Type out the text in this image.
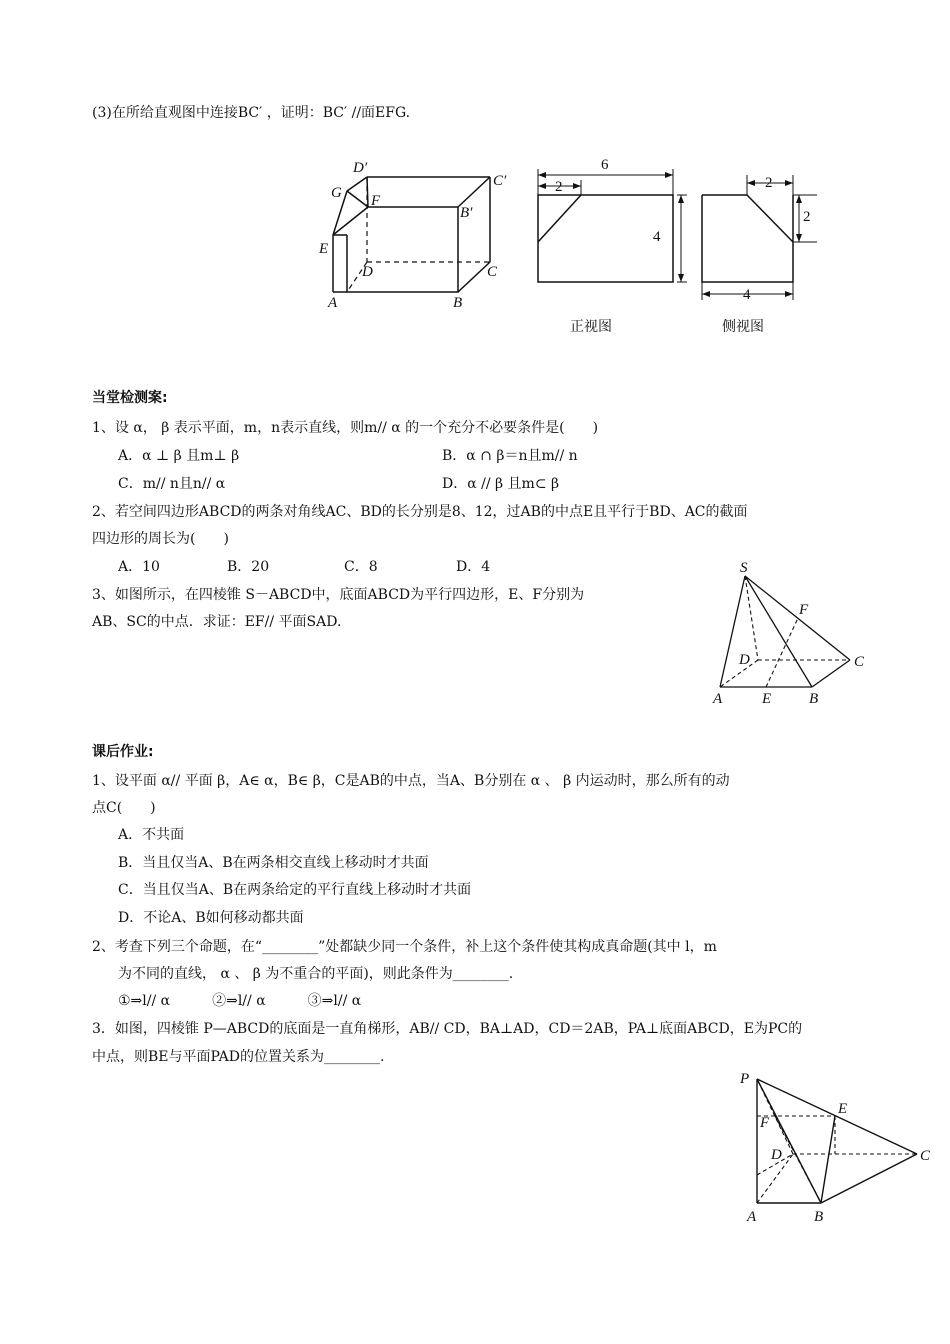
(3)在所给直观图中连接BC′ ，证明：BC′ //面EFG.
D′
C′
G F
B′
E
D	C
A	B
6
2
4
2
2
4
正视图	侧视图
当堂检测案:
1、设 α， β 表示平面，m，n表示直线，则m// α 的一个充分不必要条件是(　　)
A．α ⊥ β 且m⊥ β	B．α ∩ β＝n且m// n
C．m// n且n// α	D．α // β 且m⊂ β
2、若空间四边形ABCD的两条对角线AC、BD的长分别是8、12，过AB的中点E且平行于BD、AC的截面
四边形的周长为(　　)
A．10	B．20	C．8	D．4
3、如图所示，在四棱锥 S－ABCD中，底面ABCD为平行四边形，E、F分别为
AB、SC的中点．求证：EF// 平面SAD.
S
F
D	C
A	E	B
课后作业:
1、设平面 α// 平面 β，A∈ α，B∈ β，C是AB的中点，当A、B分别在 α 、 β 内运动时，那么所有的动
点C(　　)
A．不共面
B．当且仅当A、B在两条相交直线上移动时才共面
C．当且仅当A、B在两条给定的平行直线上移动时才共面
D．不论A、B如何移动都共面
2、考查下列三个命题，在“________”处都缺少同一个条件，补上这个条件使其构成真命题(其中 l，m
为不同的直线， α 、 β 为不重合的平面)，则此条件为________.
①⇒l// α　　　②⇒l// α　　　③⇒l// α
3．如图，四棱锥 P—ABCD的底面是一直角梯形，AB// CD，BA⊥AD，CD＝2AB，PA⊥底面ABCD，E为PC的
中点，则BE与平面PAD的位置关系为________.
P
E
F
D	C
A	B
